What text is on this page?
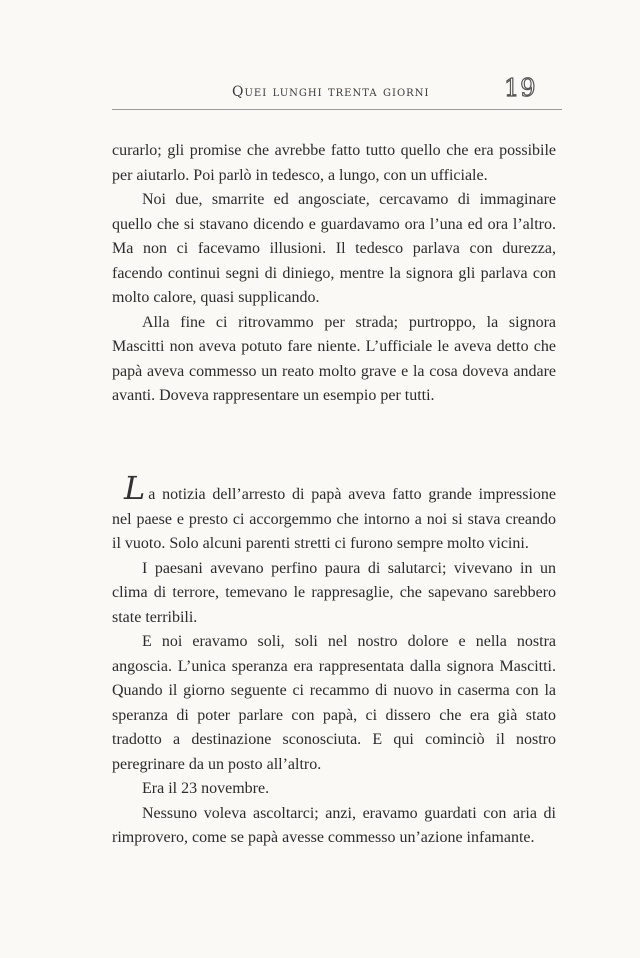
Quei lunghi trenta giorni	19

curarlo; gli promise che avrebbe fatto tutto quello che era possibile per aiutarlo. Poi parlò in tedesco, a lungo, con un ufficiale.

Noi due, smarrite ed angosciate, cercavamo di immaginare quello che si stavano dicendo e guardavamo ora l’una ed ora l’altro. Ma non ci facevamo illusioni. Il tedesco parlava con durezza, facendo continui segni di diniego, mentre la signora gli parlava con molto calore, quasi supplicando.

Alla fine ci ritrovammo per strada; purtroppo, la signora Mascitti non aveva potuto fare niente. L’ufficiale le aveva detto che papà aveva commesso un reato molto grave e la cosa doveva andare avanti. Doveva rappresentare un esempio per tutti.

La notizia dell’arresto di papà aveva fatto grande impressione nel paese e presto ci accorgemmo che intorno a noi si stava creando il vuoto. Solo alcuni parenti stretti ci furono sempre molto vicini.

I paesani avevano perfino paura di salutarci; vivevano in un clima di terrore, temevano le rappresaglie, che sapevano sarebbero state terribili.

E noi eravamo soli, soli nel nostro dolore e nella nostra angoscia. L’unica speranza era rappresentata dalla signora Mascitti. Quando il giorno seguente ci recammo di nuovo in caserma con la speranza di poter parlare con papà, ci dissero che era già stato tradotto a destinazione sconosciuta. E qui cominciò il nostro peregrinare da un posto all’altro.

Era il 23 novembre.

Nessuno voleva ascoltarci; anzi, eravamo guardati con aria di rimprovero, come se papà avesse commesso un’azione infamante.
